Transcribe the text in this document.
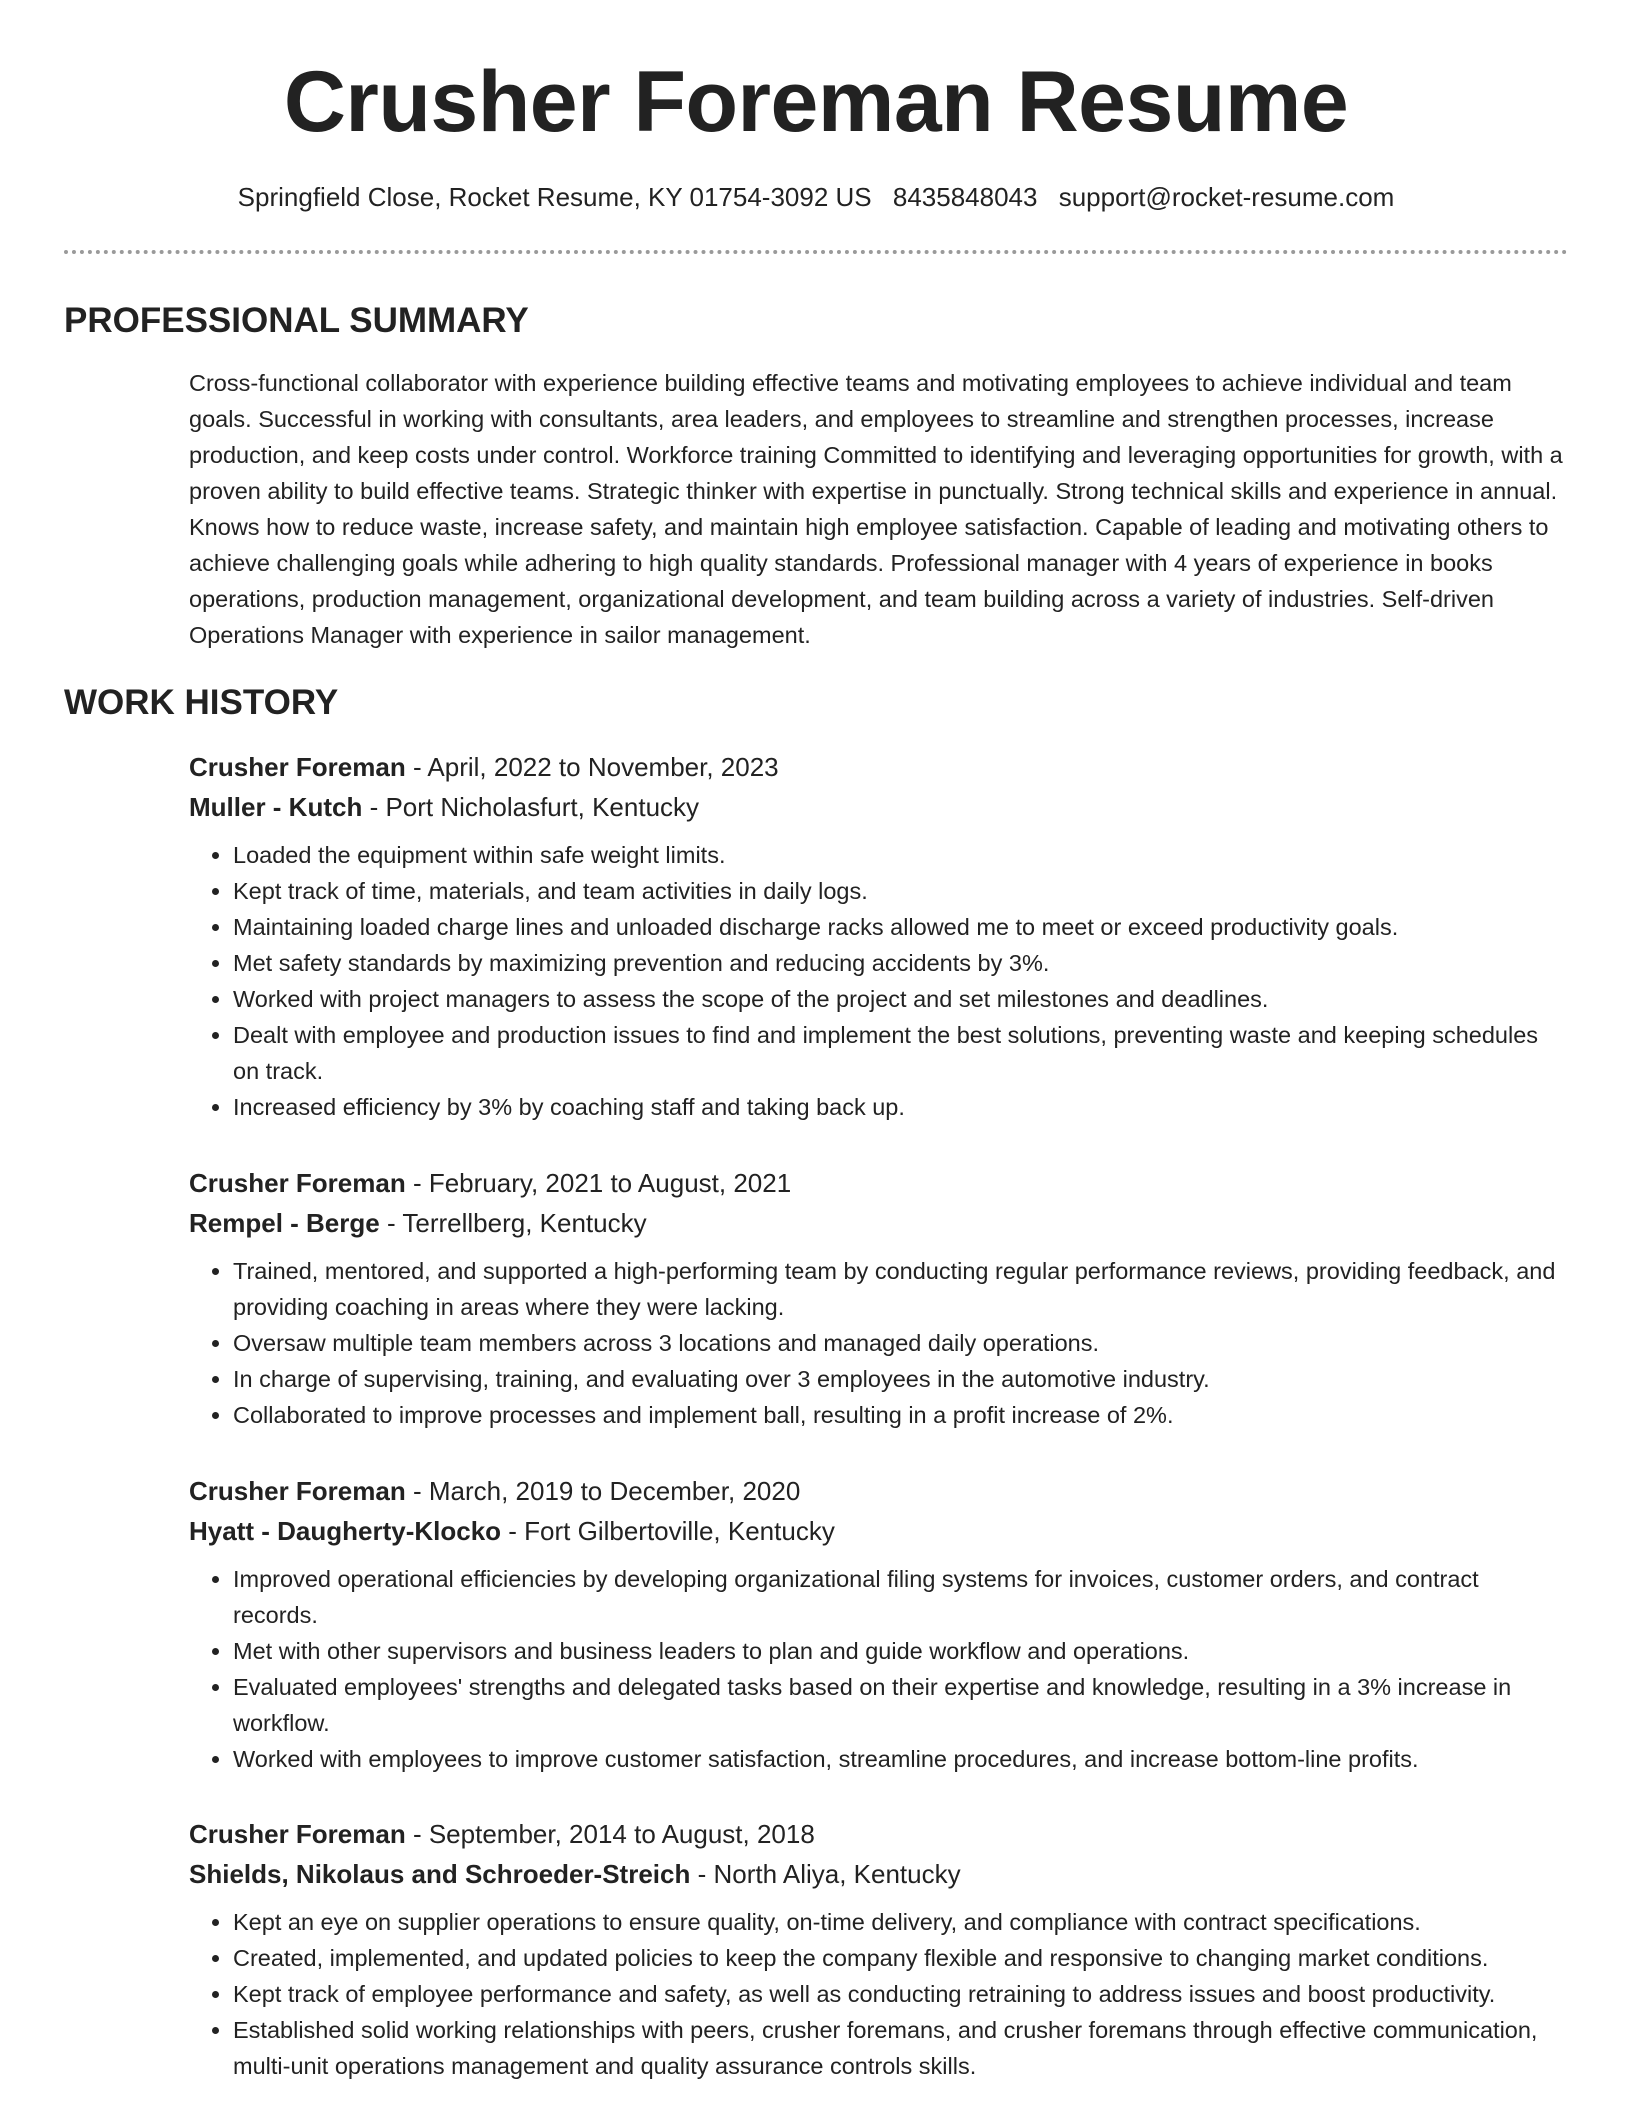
Crusher Foreman Resume
Springfield Close, Rocket Resume, KY 01754-3092 US 8435848043 support@rocket-resume.com
PROFESSIONAL SUMMARY

Cross-functional collaborator with experience building effective teams and motivating employees to achieve individual and team goals. Successful in working with consultants, area leaders, and employees to streamline and strengthen processes, increase production, and keep costs under control. Workforce training Committed to identifying and leveraging opportunities for growth, with a proven ability to build effective teams. Strategic thinker with expertise in punctually. Strong technical skills and experience in annual. Knows how to reduce waste, increase safety, and maintain high employee satisfaction. Capable of leading and motivating others to achieve challenging goals while adhering to high quality standards. Professional manager with 4 years of experience in books operations, production management, organizational development, and team building across a variety of industries. Self-driven Operations Manager with experience in sailor management.

WORK HISTORY

Crusher Foreman - April, 2022 to November, 2023

Muller - Kutch - Port Nicholasfurt, Kentucky

• Loaded the equipment within safe weight limits.
• Kept track of time, materials, and team activities in daily logs.
• Maintaining loaded charge lines and unloaded discharge racks allowed me to meet or exceed productivity goals.
• Met safety standards by maximizing prevention and reducing accidents by 3%.
• Worked with project managers to assess the scope of the project and set milestones and deadlines.
• Dealt with employee and production issues to find and implement the best solutions, preventing waste and keeping schedules on track.
• Increased efficiency by 3% by coaching staff and taking back up.

Crusher Foreman - February, 2021 to August, 2021

Rempel - Berge - Terrellberg, Kentucky

• Trained, mentored, and supported a high-performing team by conducting regular performance reviews, providing feedback, and providing coaching in areas where they were lacking.
• Oversaw multiple team members across 3 locations and managed daily operations.
• In charge of supervising, training, and evaluating over 3 employees in the automotive industry.
• Collaborated to improve processes and implement ball, resulting in a profit increase of 2%.

Crusher Foreman - March, 2019 to December, 2020

Hyatt - Daugherty-Klocko - Fort Gilbertoville, Kentucky

• Improved operational efficiencies by developing organizational filing systems for invoices, customer orders, and contract records.
• Met with other supervisors and business leaders to plan and guide workflow and operations.
• Evaluated employees' strengths and delegated tasks based on their expertise and knowledge, resulting in a 3% increase in workflow.
• Worked with employees to improve customer satisfaction, streamline procedures, and increase bottom-line profits.

Crusher Foreman - September, 2014 to August, 2018

Shields, Nikolaus and Schroeder-Streich - North Aliya, Kentucky

• Kept an eye on supplier operations to ensure quality, on-time delivery, and compliance with contract specifications.
• Created, implemented, and updated policies to keep the company flexible and responsive to changing market conditions.
• Kept track of employee performance and safety, as well as conducting retraining to address issues and boost productivity.
• Established solid working relationships with peers, crusher foremans, and crusher foremans through effective communication, multi-unit operations management and quality assurance controls skills.
